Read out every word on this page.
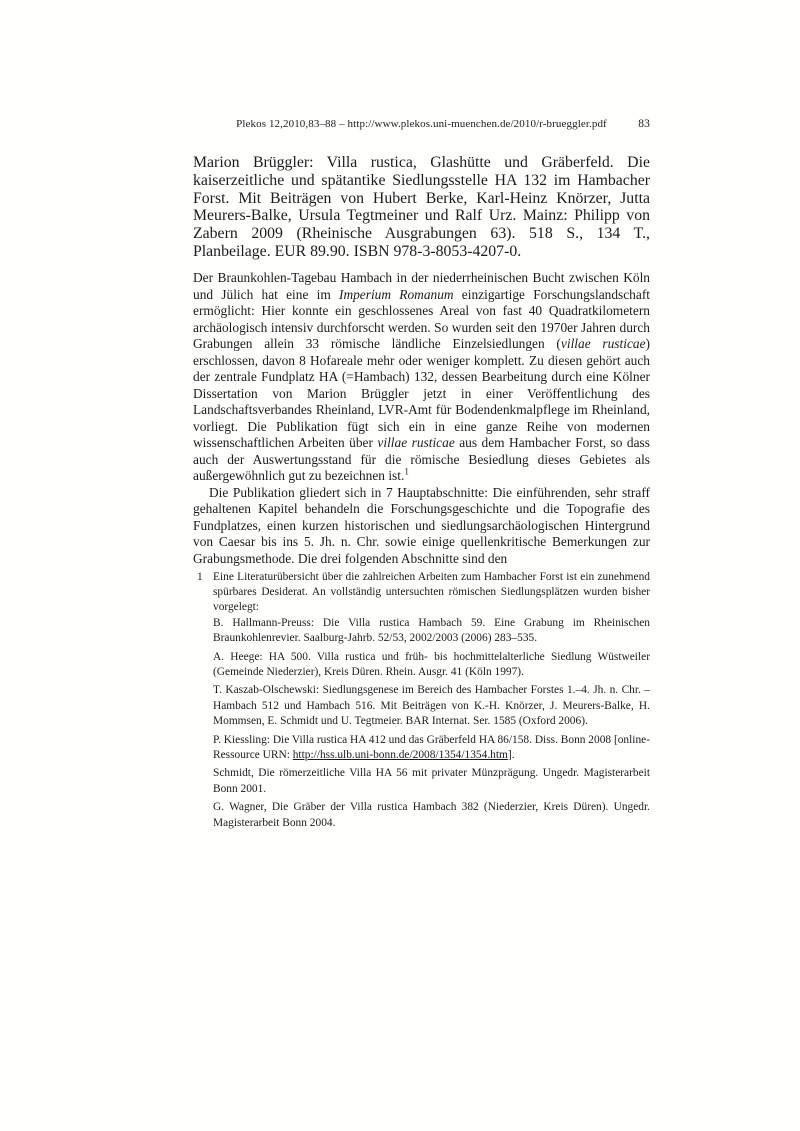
Plekos 12,2010,83–88 – http://www.plekos.uni-muenchen.de/2010/r-brueggler.pdf	83
Marion Brüggler: Villa rustica, Glashütte und Gräberfeld. Die kaiserzeitliche und spätantike Siedlungsstelle HA 132 im Hambacher Forst. Mit Beiträgen von Hubert Berke, Karl-Heinz Knörzer, Jutta Meurers-Balke, Ursula Tegtmeiner und Ralf Urz. Mainz: Philipp von Zabern 2009 (Rheinische Ausgrabungen 63). 518 S., 134 T., Planbeilage. EUR 89.90. ISBN 978-3-8053-4207-0.

Der Braunkohlen-Tagebau Hambach in der niederrheinischen Bucht zwischen Köln und Jülich hat eine im Imperium Romanum einzigartige Forschungslandschaft ermöglicht: Hier konnte ein geschlossenes Areal von fast 40 Quadratkilometern archäologisch intensiv durchforscht werden. So wurden seit den 1970er Jahren durch Grabungen allein 33 römische ländliche Einzelsiedlungen (villae rusticae) erschlossen, davon 8 Hofareale mehr oder weniger komplett. Zu diesen gehört auch der zentrale Fundplatz HA (=Hambach) 132, dessen Bearbeitung durch eine Kölner Dissertation von Marion Brüggler jetzt in einer Veröffentlichung des Landschaftsverbandes Rheinland, LVR-Amt für Bodendenkmalpflege im Rheinland, vorliegt. Die Publikation fügt sich ein in eine ganze Reihe von modernen wissenschaftlichen Arbeiten über villae rusticae aus dem Hambacher Forst, so dass auch der Auswertungsstand für die römische Besiedlung dieses Gebietes als außergewöhnlich gut zu bezeichnen ist.$^1$

Die Publikation gliedert sich in 7 Hauptabschnitte: Die einführenden, sehr straff gehaltenen Kapitel behandeln die Forschungsgeschichte und die Topografie des Fundplatzes, einen kurzen historischen und siedlungsarchäologischen Hintergrund von Caesar bis ins 5. Jh. n. Chr. sowie einige quellenkritische Bemerkungen zur Grabungsmethode. Die drei folgenden Abschnitte sind den

1 Eine Literaturübersicht über die zahlreichen Arbeiten zum Hambacher Forst ist ein zunehmend spürbares Desiderat. An vollständig untersuchten römischen Siedlungsplätzen wurden bisher vorgelegt:

B. Hallmann-Preuss: Die Villa rustica Hambach 59. Eine Grabung im Rheinischen Braunkohlenrevier. Saalburg-Jahrb. 52/53, 2002/2003 (2006) 283–535.

A. Heege: HA 500. Villa rustica und früh- bis hochmittelalterliche Siedlung Wüstweiler (Gemeinde Niederzier), Kreis Düren. Rhein. Ausgr. 41 (Köln 1997).

T. Kaszab-Olschewski: Siedlungsgenese im Bereich des Hambacher Forstes 1.–4. Jh. n. Chr. – Hambach 512 und Hambach 516. Mit Beiträgen von K.-H. Knörzer, J. Meurers-Balke, H. Mommsen, E. Schmidt und U. Tegtmeier. BAR Internat. Ser. 1585 (Oxford 2006).

P. Kiessling: Die Villa rustica HA 412 und das Gräberfeld HA 86/158. Diss. Bonn 2008 [online-Ressource URN: http://hss.ulb.uni-bonn.de/2008/1354/1354.htm].

Schmidt, Die römerzeitliche Villa HA 56 mit privater Münzprägung. Ungedr. Magisterarbeit Bonn 2001.

G. Wagner, Die Gräber der Villa rustica Hambach 382 (Niederzier, Kreis Düren). Ungedr. Magisterarbeit Bonn 2004.
